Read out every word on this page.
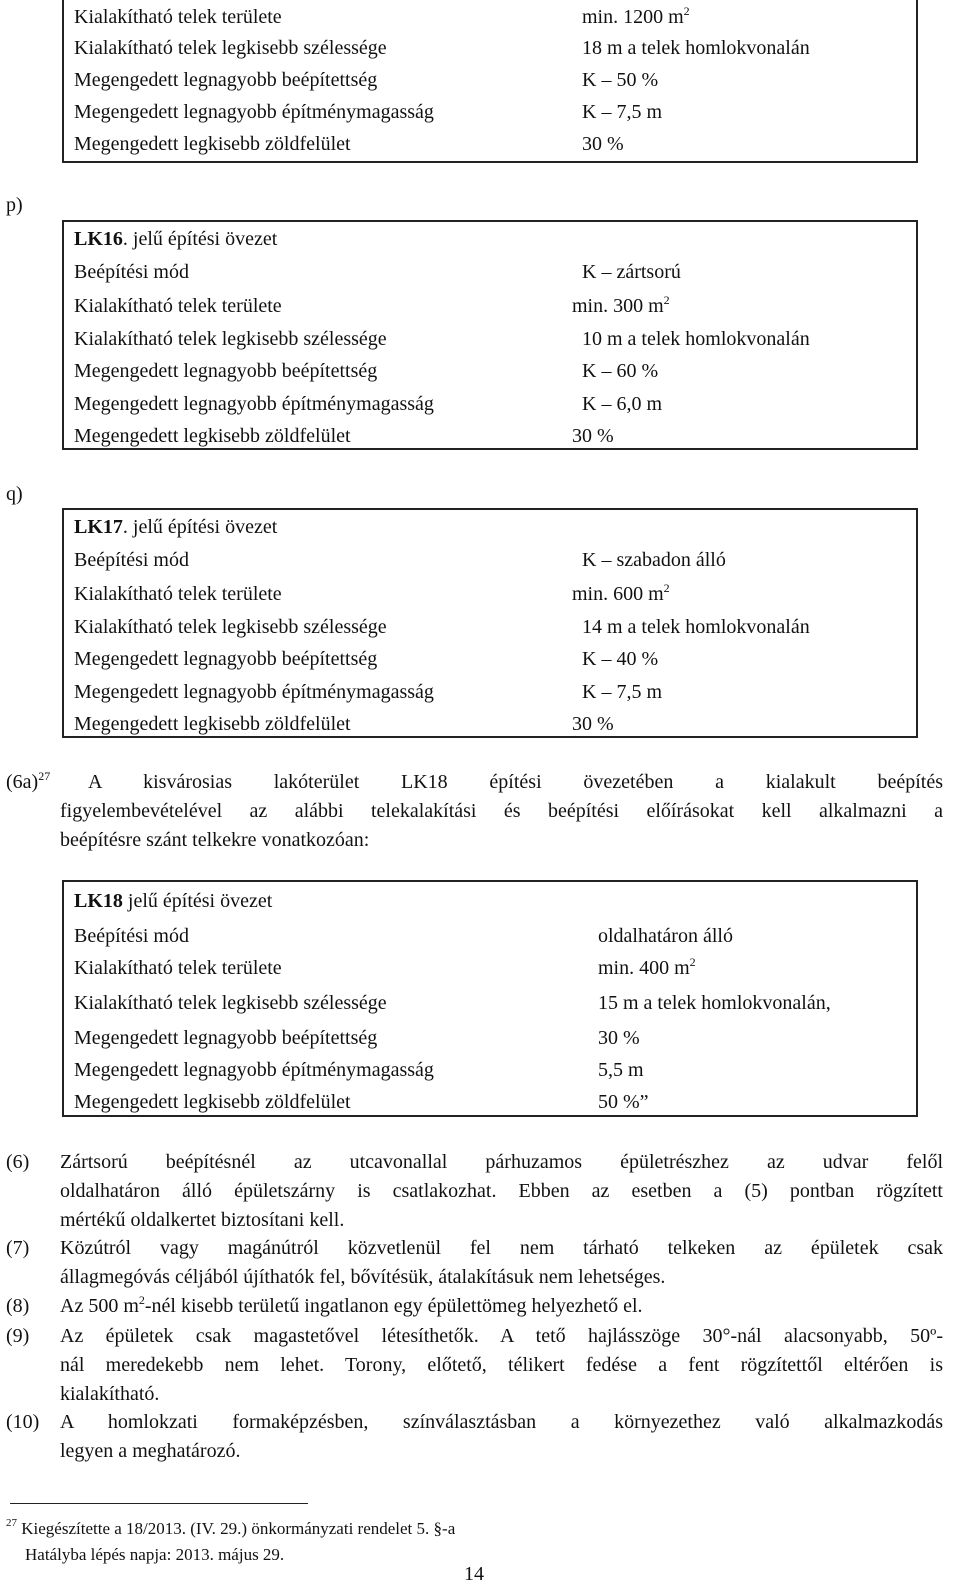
Kialakítható telek területe	min. 1200 $m^2$
Kialakítható telek legkisebb szélessége	18 m a telek homlokvonalán
Megengedett legnagyobb beépítettség	K – 50 %
Megengedett legnagyobb építménymagasság	K – 7,5 m
Megengedett legkisebb zöldfelület	30 %
p)
LK16. jelű építési övezet
Beépítési mód	K – zártsorú
Kialakítható telek területe	min. 300 $m^2$
Kialakítható telek legkisebb szélessége	10 m a telek homlokvonalán
Megengedett legnagyobb beépítettség	K – 60 %
Megengedett legnagyobb építménymagasság	K – 6,0 m
Megengedett legkisebb zöldfelület	30 %
q)
LK17. jelű építési övezet
Beépítési mód	K – szabadon álló
Kialakítható telek területe	min. 600 $m^2$
Kialakítható telek legkisebb szélessége	14 m a telek homlokvonalán
Megengedett legnagyobb beépítettség	K – 40 %
Megengedett legnagyobb építménymagasság	K – 7,5 m
Megengedett legkisebb zöldfelület	30 %
$(6a)^{27}$ A kisvárosias lakóterület LK18 építési övezetében a kialakult beépítés
figyelembevételével az alábbi telekalakítási és beépítési előírásokat kell alkalmazni a
beépítésre szánt telkekre vonatkozóan:
LK18 jelű építési övezet
Beépítési mód	oldalhatáron álló
Kialakítható telek területe	min. 400 $m^2$
Kialakítható telek legkisebb szélessége	15 m a telek homlokvonalán,
Megengedett legnagyobb beépítettség	30 %
Megengedett legnagyobb építménymagasság	5,5 m
Megengedett legkisebb zöldfelület	50 %”
(6) Zártsorú beépítésnél az utcavonallal párhuzamos épületrészhez az udvar felől
oldalhatáron álló épületszárny is csatlakozhat. Ebben az esetben a (5) pontban rögzített
mértékű oldalkertet biztosítani kell.
(7) Közútról vagy magánútról közvetlenül fel nem tárható telkeken az épületek csak
állagmegóvás céljából újíthatók fel, bővítésük, átalakításuk nem lehetséges.
(8) Az 500 $m^2$-nél kisebb területű ingatlanon egy épülettömeg helyezhető el.
(9) Az épületek csak magastetővel létesíthetők. A tető hajlásszöge 30°-nál alacsonyabb, 50º-
nál meredekebb nem lehet. Torony, előtető, télikert fedése a fent rögzítettől eltérően is
kialakítható.
(10) A homlokzati formaképzésben, színválasztásban a környezethez való alkalmazkodás
legyen a meghatározó.
$^{27}$ Kiegészítette a 18/2013. (IV. 29.) önkormányzati rendelet 5. §-a
Hatályba lépés napja: 2013. május 29.
14
